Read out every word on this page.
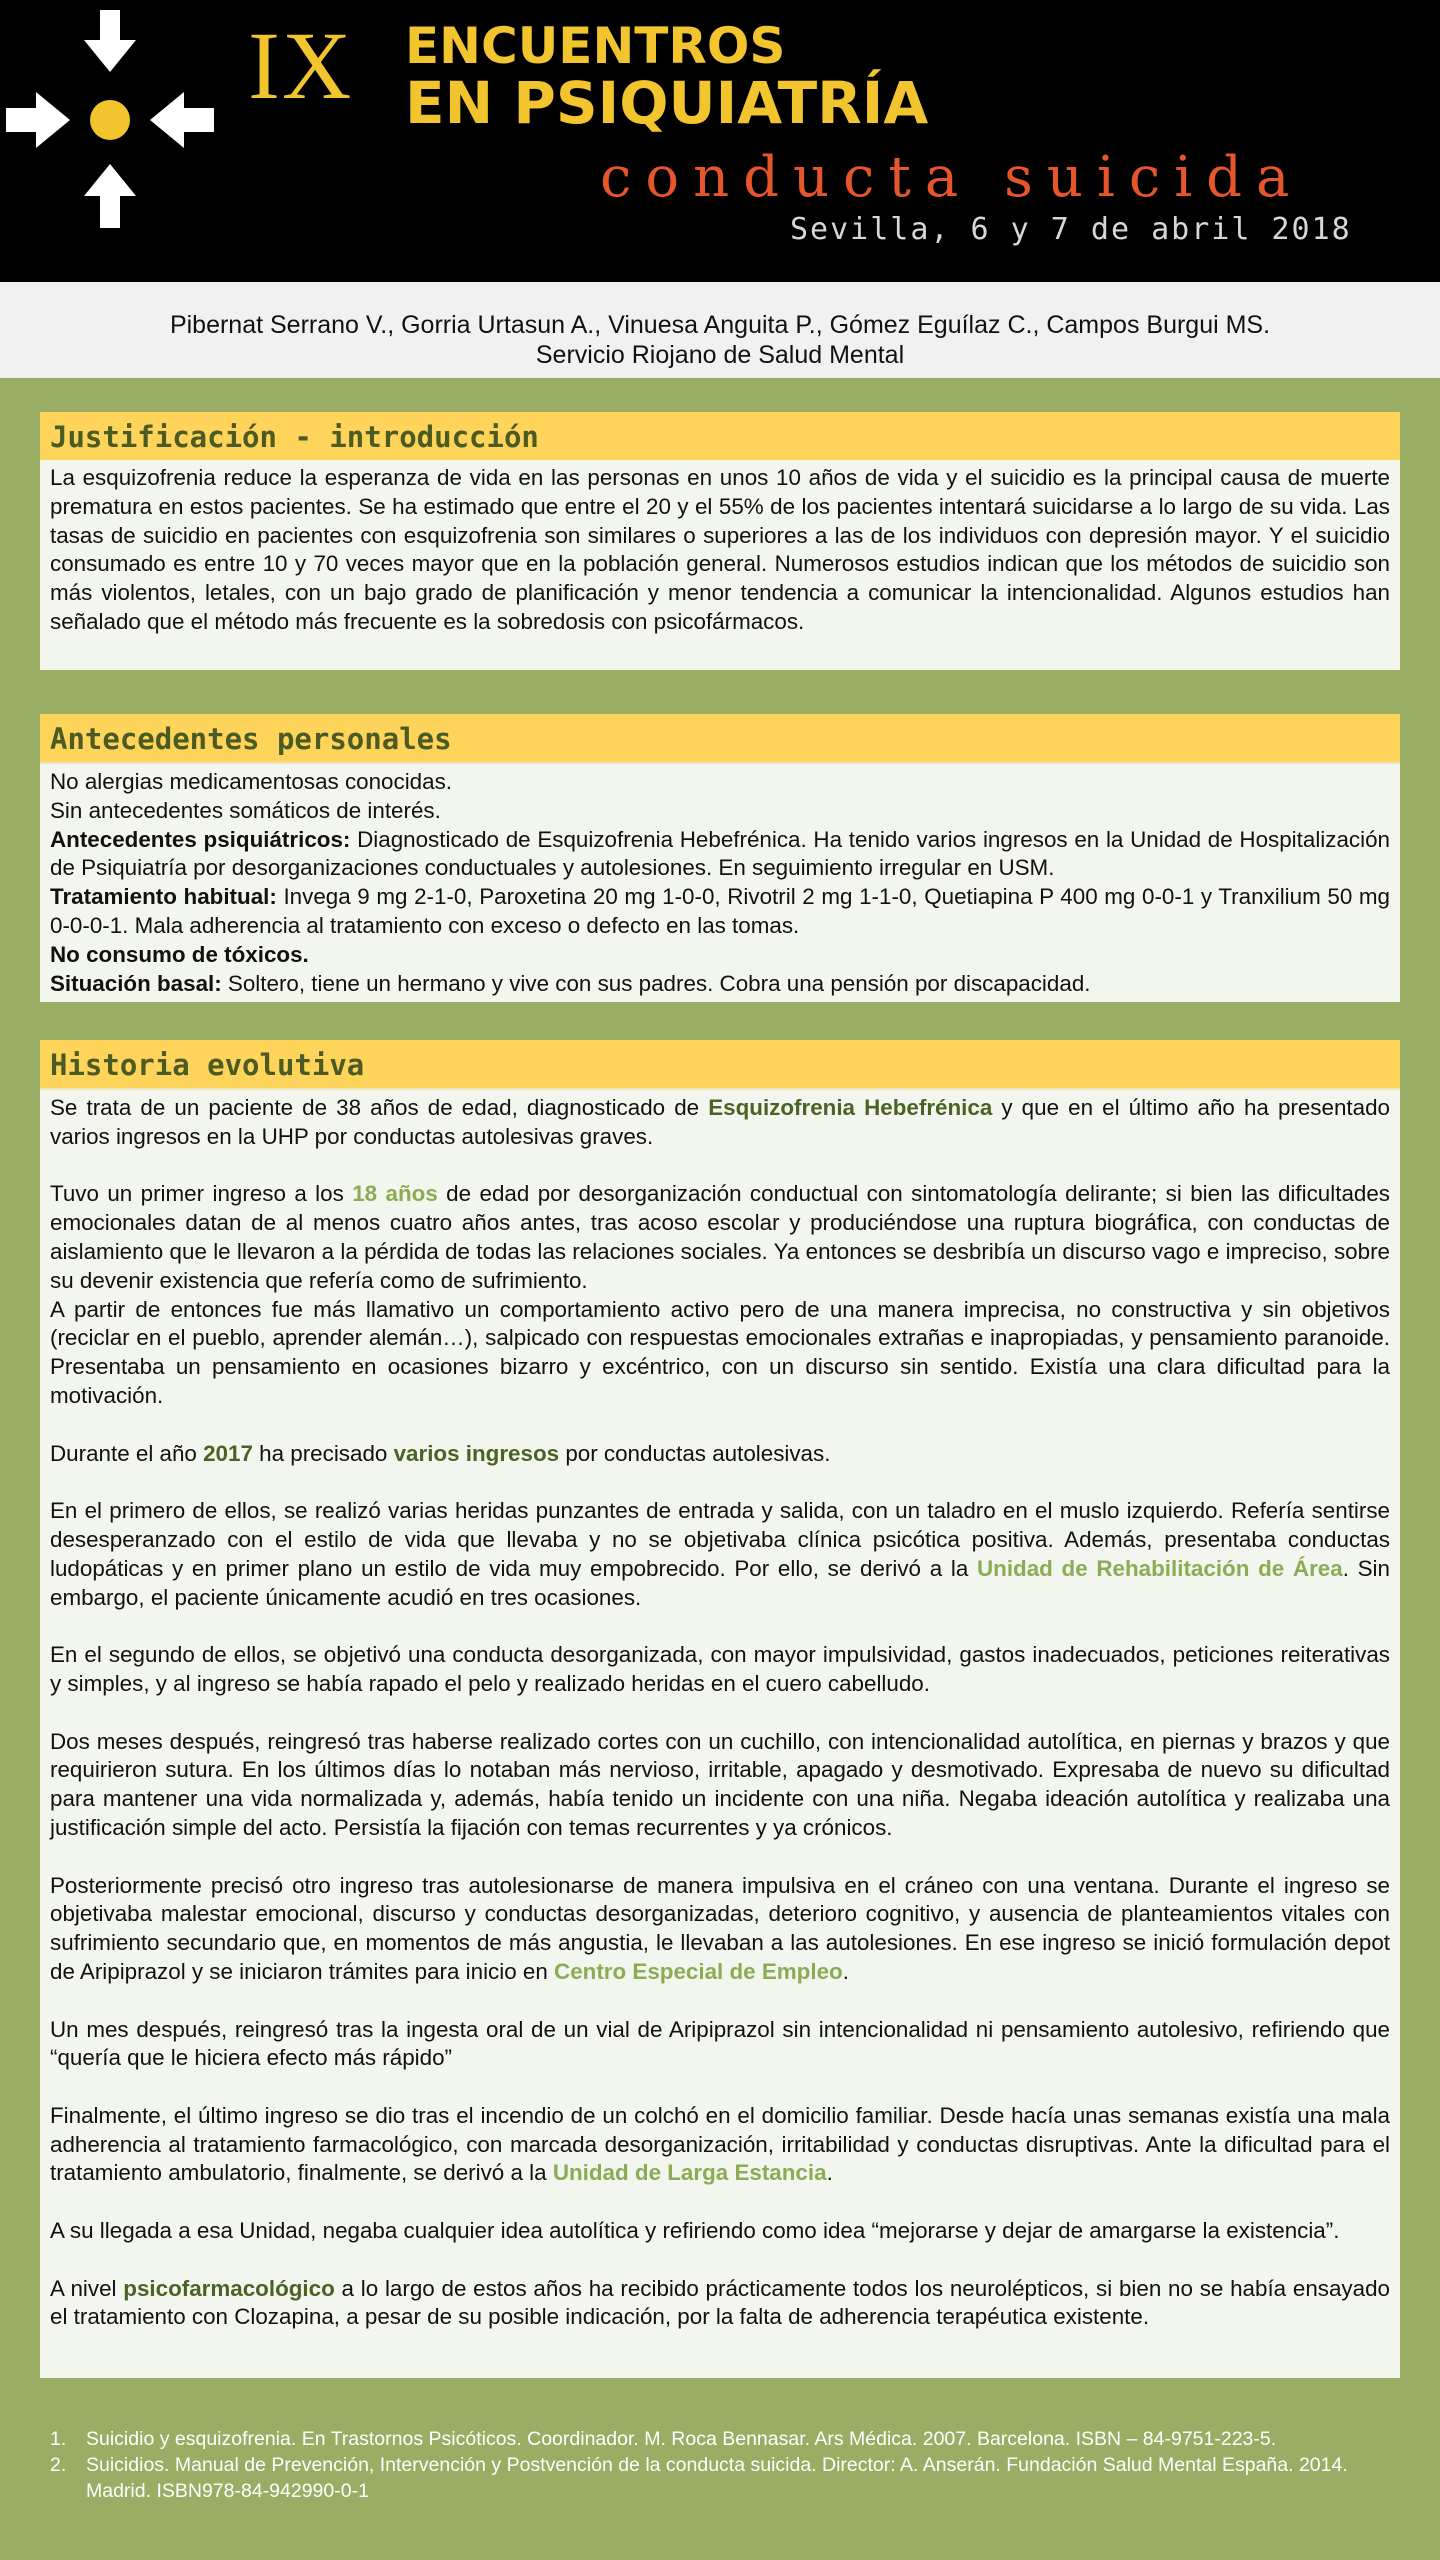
IX ENCUENTROS
EN PSIQUIATRÍA
conducta suicida
Sevilla, 6 y 7 de abril 2018
Pibernat Serrano V., Gorria Urtasun A., Vinuesa Anguita P., Gómez Eguílaz C., Campos Burgui MS.
Servicio Riojano de Salud Mental
Justificación - introducción

La esquizofrenia reduce la esperanza de vida en las personas en unos 10 años de vida y el suicidio es la principal causa de muerte prematura en estos pacientes. Se ha estimado que entre el 20 y el 55% de los pacientes intentará suicidarse a lo largo de su vida. Las tasas de suicidio en pacientes con esquizofrenia son similares o superiores a las de los individuos con depresión mayor. Y el suicidio consumado es entre 10 y 70 veces mayor que en la población general. Numerosos estudios indican que los métodos de suicidio son más violentos, letales, con un bajo grado de planificación y menor tendencia a comunicar la intencionalidad. Algunos estudios han señalado que el método más frecuente es la sobredosis con psicofármacos.

Antecedentes personales

No alergias medicamentosas conocidas.

Sin antecedentes somáticos de interés.

Antecedentes psiquiátricos: Diagnosticado de Esquizofrenia Hebefrénica. Ha tenido varios ingresos en la Unidad de Hospitalización de Psiquiatría por desorganizaciones conductuales y autolesiones. En seguimiento irregular en USM.

Tratamiento habitual: Invega 9 mg 2-1-0, Paroxetina 20 mg 1-0-0, Rivotril 2 mg 1-1-0, Quetiapina P 400 mg 0-0-1 y Tranxilium 50 mg 0-0-0-1. Mala adherencia al tratamiento con exceso o defecto en las tomas.

No consumo de tóxicos.

Situación basal: Soltero, tiene un hermano y vive con sus padres. Cobra una pensión por discapacidad.

Historia evolutiva

Se trata de un paciente de 38 años de edad, diagnosticado de Esquizofrenia Hebefrénica y que en el último año ha presentado varios ingresos en la UHP por conductas autolesivas graves.

Tuvo un primer ingreso a los 18 años de edad por desorganización conductual con sintomatología delirante; si bien las dificultades emocionales datan de al menos cuatro años antes, tras acoso escolar y produciéndose una ruptura biográfica, con conductas de aislamiento que le llevaron a la pérdida de todas las relaciones sociales. Ya entonces se desbribía un discurso vago e impreciso, sobre su devenir existencia que refería como de sufrimiento.

A partir de entonces fue más llamativo un comportamiento activo pero de una manera imprecisa, no constructiva y sin objetivos (reciclar en el pueblo, aprender alemán…), salpicado con respuestas emocionales extrañas e inapropiadas, y pensamiento paranoide. Presentaba un pensamiento en ocasiones bizarro y excéntrico, con un discurso sin sentido. Existía una clara dificultad para la motivación.

Durante el año 2017 ha precisado varios ingresos por conductas autolesivas.

En el primero de ellos, se realizó varias heridas punzantes de entrada y salida, con un taladro en el muslo izquierdo. Refería sentirse desesperanzado con el estilo de vida que llevaba y no se objetivaba clínica psicótica positiva. Además, presentaba conductas ludopáticas y en primer plano un estilo de vida muy empobrecido. Por ello, se derivó a la Unidad de Rehabilitación de Área. Sin embargo, el paciente únicamente acudió en tres ocasiones.

En el segundo de ellos, se objetivó una conducta desorganizada, con mayor impulsividad, gastos inadecuados, peticiones reiterativas y simples, y al ingreso se había rapado el pelo y realizado heridas en el cuero cabelludo.

Dos meses después, reingresó tras haberse realizado cortes con un cuchillo, con intencionalidad autolítica, en piernas y brazos y que requirieron sutura. En los últimos días lo notaban más nervioso, irritable, apagado y desmotivado. Expresaba de nuevo su dificultad para mantener una vida normalizada y, además, había tenido un incidente con una niña. Negaba ideación autolítica y realizaba una justificación simple del acto. Persistía la fijación con temas recurrentes y ya crónicos.

Posteriormente precisó otro ingreso tras autolesionarse de manera impulsiva en el cráneo con una ventana. Durante el ingreso se objetivaba malestar emocional, discurso y conductas desorganizadas, deterioro cognitivo, y ausencia de planteamientos vitales con sufrimiento secundario que, en momentos de más angustia, le llevaban a las autolesiones. En ese ingreso se inició formulación depot de Aripiprazol y se iniciaron trámites para inicio en Centro Especial de Empleo.

Un mes después, reingresó tras la ingesta oral de un vial de Aripiprazol sin intencionalidad ni pensamiento autolesivo, refiriendo que “quería que le hiciera efecto más rápido”

Finalmente, el último ingreso se dio tras el incendio de un colchó en el domicilio familiar. Desde hacía unas semanas existía una mala adherencia al tratamiento farmacológico, con marcada desorganización, irritabilidad y conductas disruptivas. Ante la dificultad para el tratamiento ambulatorio, finalmente, se derivó a la Unidad de Larga Estancia.

A su llegada a esa Unidad, negaba cualquier idea autolítica y refiriendo como idea “mejorarse y dejar de amargarse la existencia”.

A nivel psicofarmacológico a lo largo de estos años ha recibido prácticamente todos los neurolépticos, si bien no se había ensayado el tratamiento con Clozapina, a pesar de su posible indicación, por la falta de adherencia terapéutica existente.

1. Suicidio y esquizofrenia. En Trastornos Psicóticos. Coordinador. M. Roca Bennasar. Ars Médica. 2007. Barcelona. ISBN – 84-9751-223-5.
2. Suicidios. Manual de Prevención, Intervención y Postvención de la conducta suicida. Director: A. Anserán. Fundación Salud Mental España. 2014. Madrid. ISBN978-84-942990-0-1
